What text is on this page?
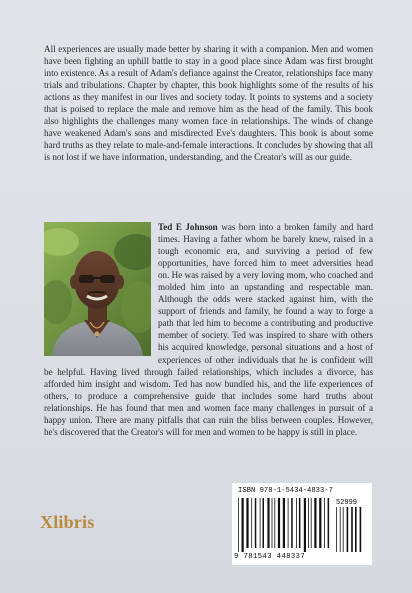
All experiences are usually made better by sharing it with a companion. Men and women have been fighting an uphill battle to stay in a good place since Adam was first brought into existence. As a result of Adam's defiance against the Creator, relationships face many trials and tribulations. Chapter by chapter, this book highlights some of the results of his actions as they manifest in our lives and society today. It points to systems and a society that is poised to replace the male and remove him as the head of the family. This book also highlights the challenges many women face in relationships. The winds of change have weakened Adam's sons and misdirected Eve's daughters. This book is about some hard truths as they relate to male-and-female interactions. It concludes by showing that all is not lost if we have information, understanding, and the Creator's will as our guide.

Ted E Johnson was born into a broken family and hard times. Having a father whom he barely knew, raised in a tough economic era, and surviving a period of few opportunities, have forced him to meet adversities head on. He was raised by a very loving mom, who coached and molded him into an upstanding and respectable man. Although the odds were stacked against him, with the support of friends and family, he found a way to forge a path that led him to become a contributing and productive member of society. Ted was inspired to share with others his acquired knowledge, personal situations and a host of experiences of other individuals that he is confident will be helpful. Having lived through failed relationships, which includes a divorce, has afforded him insight and wisdom. Ted has now bundled his, and the life experiences of others, to produce a comprehensive guide that includes some hard truths about relationships. He has found that men and women face many challenges in pursuit of a happy union. There are many pitfalls that can ruin the bliss between couples. However, he's discovered that the Creator's will for men and women to be happy is still in place.

Xlibris
ISBN 978-1-5434-4833-7
52999
9 781543 448337
